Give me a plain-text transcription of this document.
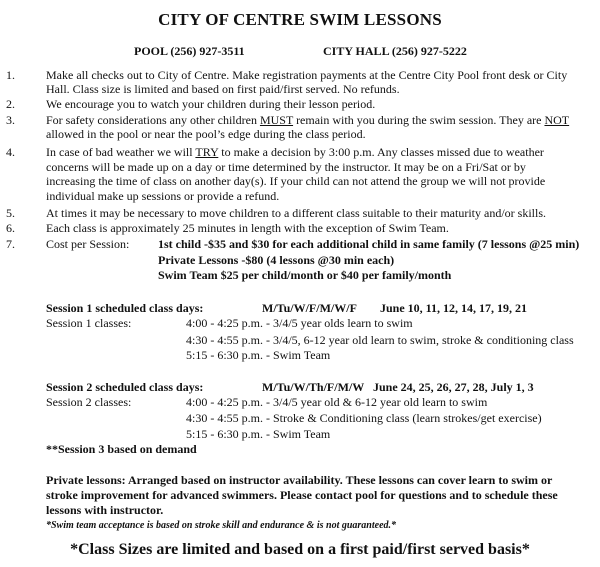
CITY OF CENTRE SWIM LESSONS
POOL (256) 927-3511	CITY HALL (256) 927-5222
1.	Make all checks out to City of Centre. Make registration payments at the Centre City Pool front desk or City
Hall. Class size is limited and based on first paid/first served. No refunds.
2.	We encourage you to watch your children during their lesson period.
3.	For safety considerations any other children MUST remain with you during the swim session. They are NOT
allowed in the pool or near the pool’s edge during the class period.
4.	In case of bad weather we will TRY to make a decision by 3:00 p.m. Any classes missed due to weather
concerns will be made up on a day or time determined by the instructor. It may be on a Fri/Sat or by
increasing the time of class on another day(s). If your child can not attend the group we will not provide
individual make up sessions or provide a refund.
5.	At times it may be necessary to move children to a different class suitable to their maturity and/or skills.
6.	Each class is approximately 25 minutes in length with the exception of Swim Team.
7.	Cost per Session: 1st child -$35 and $30 for each additional child in same family (7 lessons @25 min)
Private Lessons -$80 (4 lessons @30 min each)
Swim Team $25 per child/month or $40 per family/month
Session 1 scheduled class days:	M/Tu/W/F/M/W/F June 10, 11, 12, 14, 17, 19, 21
Session 1 classes:	4:00 - 4:25 p.m. - 3/4/5 year olds learn to swim
4:30 - 4:55 p.m. - 3/4/5, 6-12 year old learn to swim, stroke & conditioning class
5:15 - 6:30 p.m. - Swim Team
Session 2 scheduled class days:	M/Tu/W/Th/F/M/W June 24, 25, 26, 27, 28, July 1, 3
Session 2 classes:	4:00 - 4:25 p.m. - 3/4/5 year old & 6-12 year old learn to swim
4:30 - 4:55 p.m. - Stroke & Conditioning class (learn strokes/get exercise)
5:15 - 6:30 p.m. - Swim Team
**Session 3 based on demand
Private lessons: Arranged based on instructor availability. These lessons can cover learn to swim or
stroke improvement for advanced swimmers. Please contact pool for questions and to schedule these
lessons with instructor.
*Swim team acceptance is based on stroke skill and endurance & is not guaranteed.*
*Class Sizes are limited and based on a first paid/first served basis*
